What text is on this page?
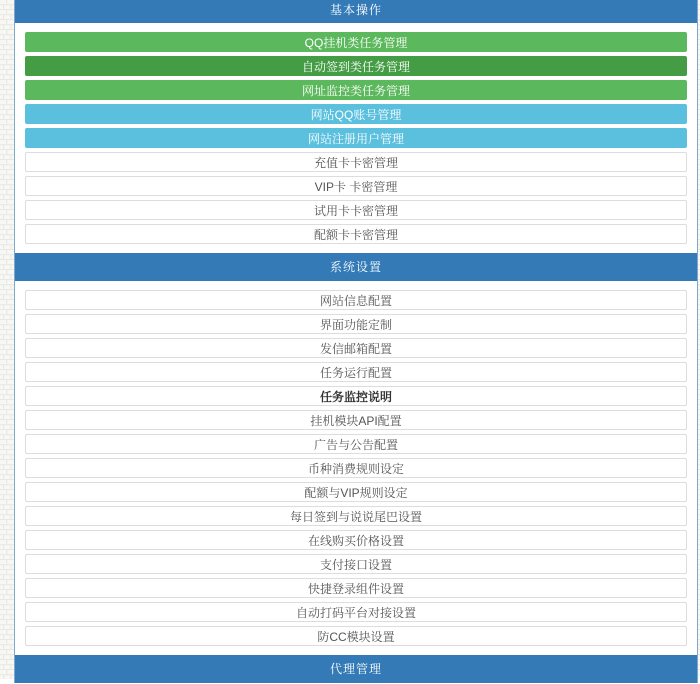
基本操作
QQ挂机类任务管理
自动签到类任务管理
网址监控类任务管理
网站QQ账号管理
网站注册用户管理
充值卡卡密管理
VIP卡 卡密管理
试用卡卡密管理
配额卡卡密管理
系统设置
网站信息配置
界面功能定制
发信邮箱配置
任务运行配置
任务监控说明
挂机模块API配置
广告与公告配置
币种消费规则设定
配额与VIP规则设定
每日签到与说说尾巴设置
在线购买价格设置
支付接口设置
快捷登录组件设置
自动打码平台对接设置
防CC模块设置
代理管理
